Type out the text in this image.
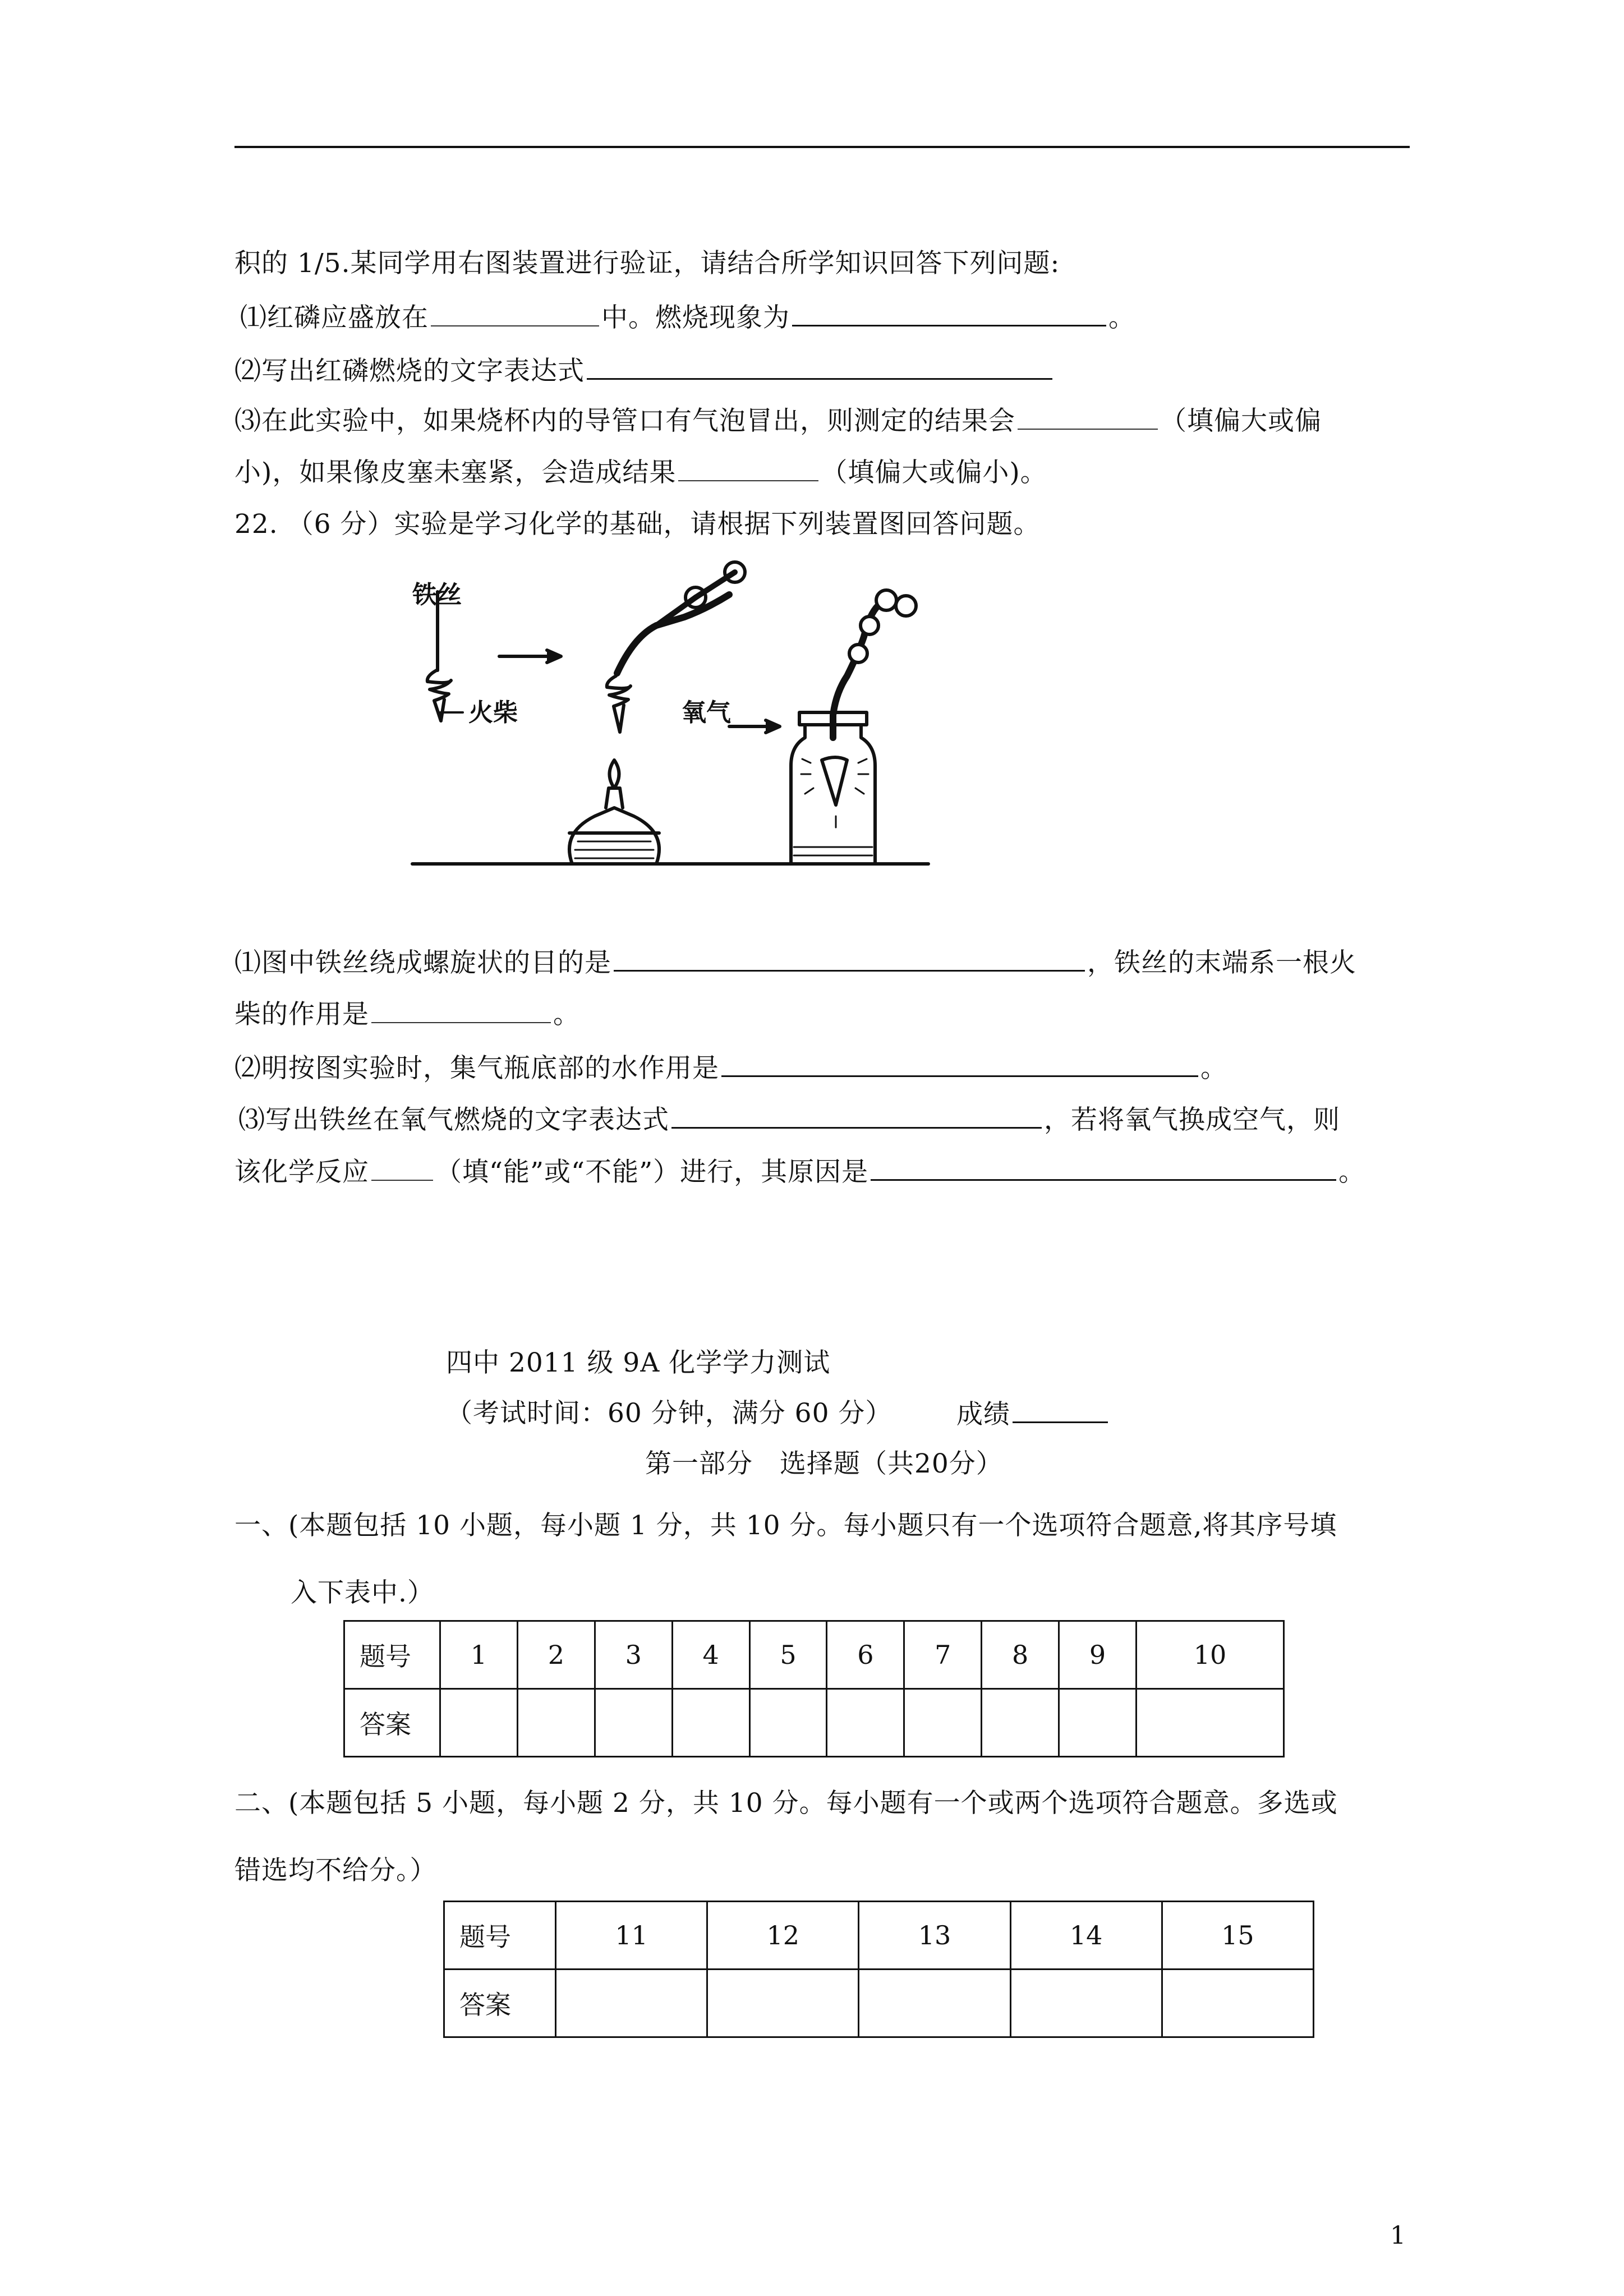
积的 1/5.某同学用右图装置进行验证，请结合所学知识回答下列问题:
⑴红磷应盛放在	中。燃烧现象为	。
⑵写出红磷燃烧的文字表达式
⑶在此实验中，如果烧杯内的导管口有气泡冒出，则测定的结果会	（填偏大或偏
小)，如果像皮塞未塞紧，会造成结果	（填偏大或偏小)。
22. （6 分）实验是学习化学的基础，请根据下列装置图回答问题。
铁丝
火柴	氧气
⑴图中铁丝绕成螺旋状的目的是	，铁丝的末端系一根火
柴的作用是	。
⑵明按图实验时，集气瓶底部的水作用是	。
⑶写出铁丝在氧气燃烧的文字表达式	，若将氧气换成空气，则
该化学反应	（填“能”或“不能”）进行，其原因是	。
四中 2011 级 9A 化学学力测试
（考试时间：60 分钟，满分 60 分） 成绩
第一部分　选择题（共20分）
一、(本题包括 10 小题，每小题 1 分，共 10 分。每小题只有一个选项符合题意,将其序号填
入下表中.）
题号	1	2	3	4	5	6	7	8	9	10
答案										
二、(本题包括 5 小题，每小题 2 分，共 10 分。每小题有一个或两个选项符合题意。多选或
错选均不给分。）
题号	11	12	13	14	15
答案					
1
